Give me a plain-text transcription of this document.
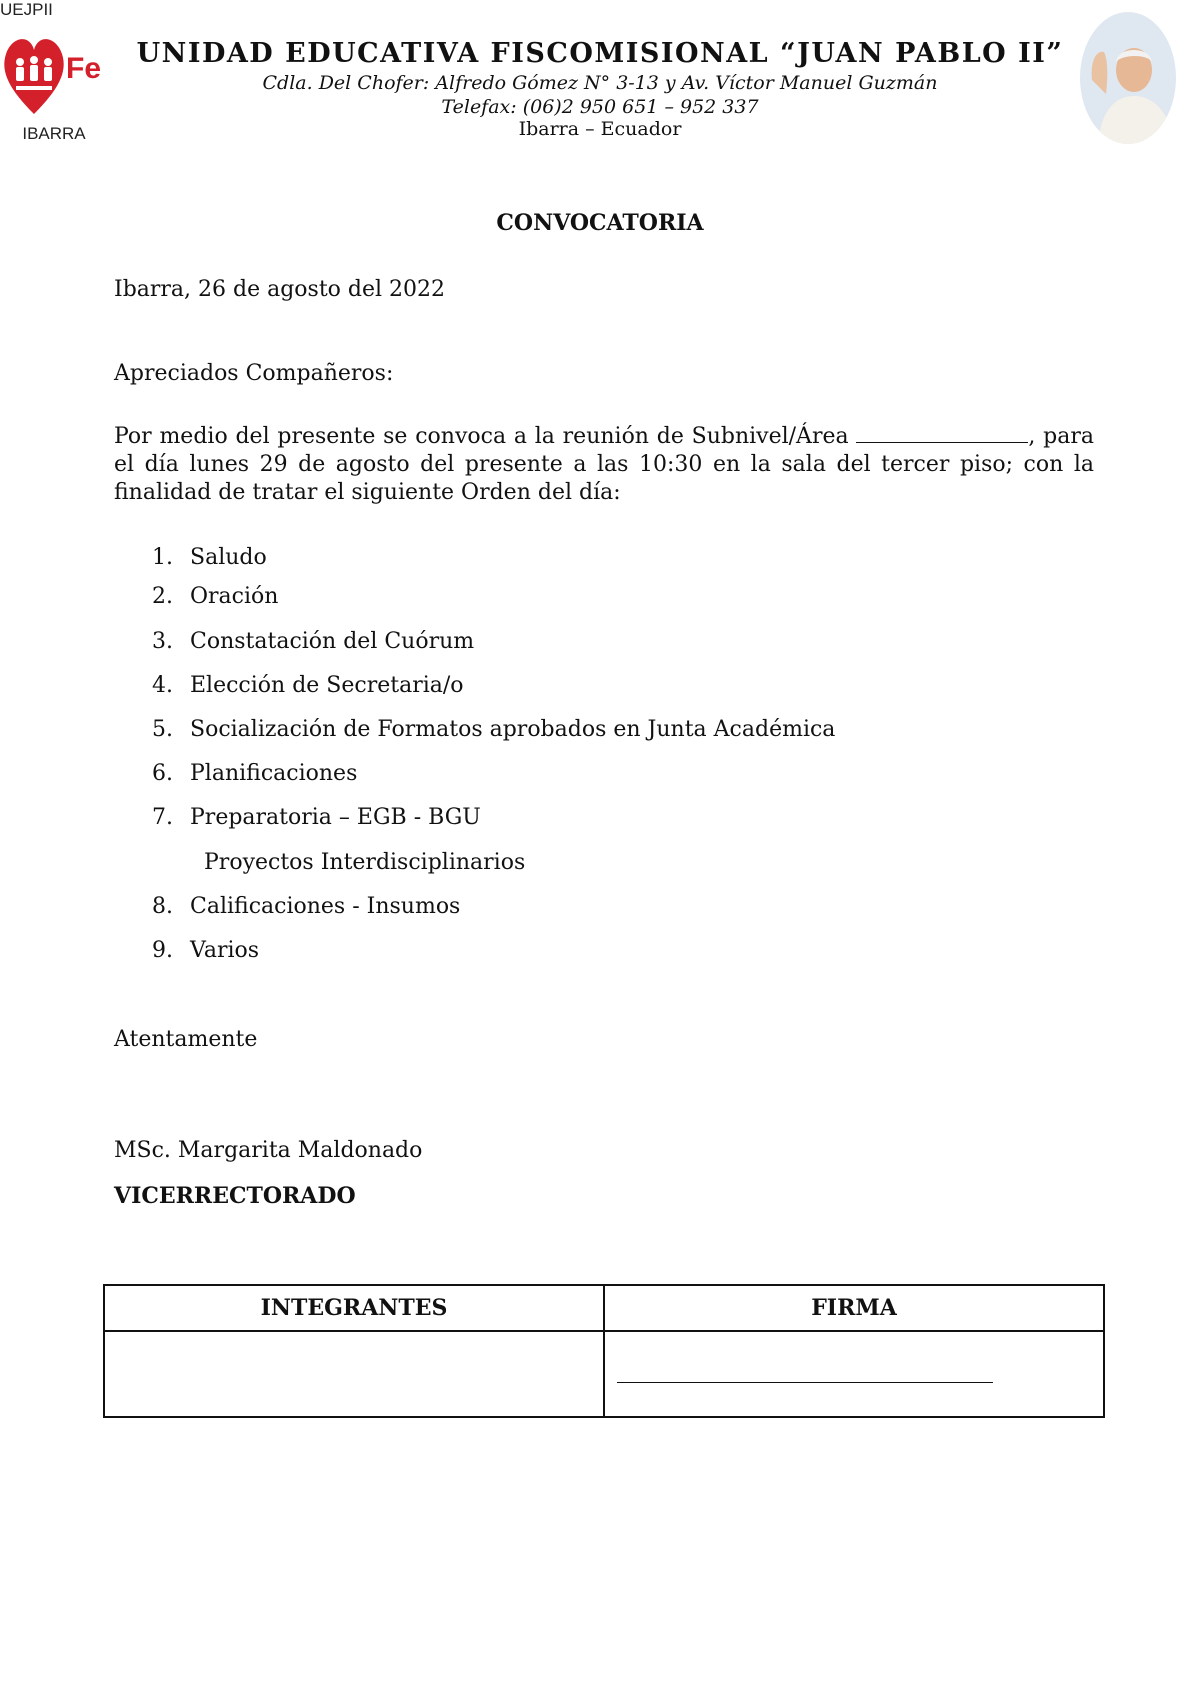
UEJPII
Fe
IBARRA
UNIDAD EDUCATIVA FISCOMISIONAL “JUAN PABLO II”

Cdla. Del Chofer: Alfredo Gómez N° 3-13 y Av. Víctor Manuel Guzmán

Telefax: (06)2 950 651 – 952 337

Ibarra – Ecuador

CONVOCATORIA

Ibarra, 26 de agosto del 2022

Apreciados Compañeros:

Por medio del presente se convoca a la reunión de Subnivel/Área	, para el día lunes 29 de agosto del presente a las 10:30 en la sala del tercer piso; con la finalidad de tratar el siguiente Orden del día:

1. Saludo
2. Oración
3. Constatación del Cuórum
4. Elección de Secretaria/o
5. Socialización de Formatos aprobados en Junta Académica
6. Planificaciones
7. Preparatoria – EGB - BGU
Proyectos Interdisciplinarios
8. Calificaciones - Insumos
9. Varios

Atentamente

MSc. Margarita Maldonado

VICERRECTORADO

INTEGRANTES	FIRMA
